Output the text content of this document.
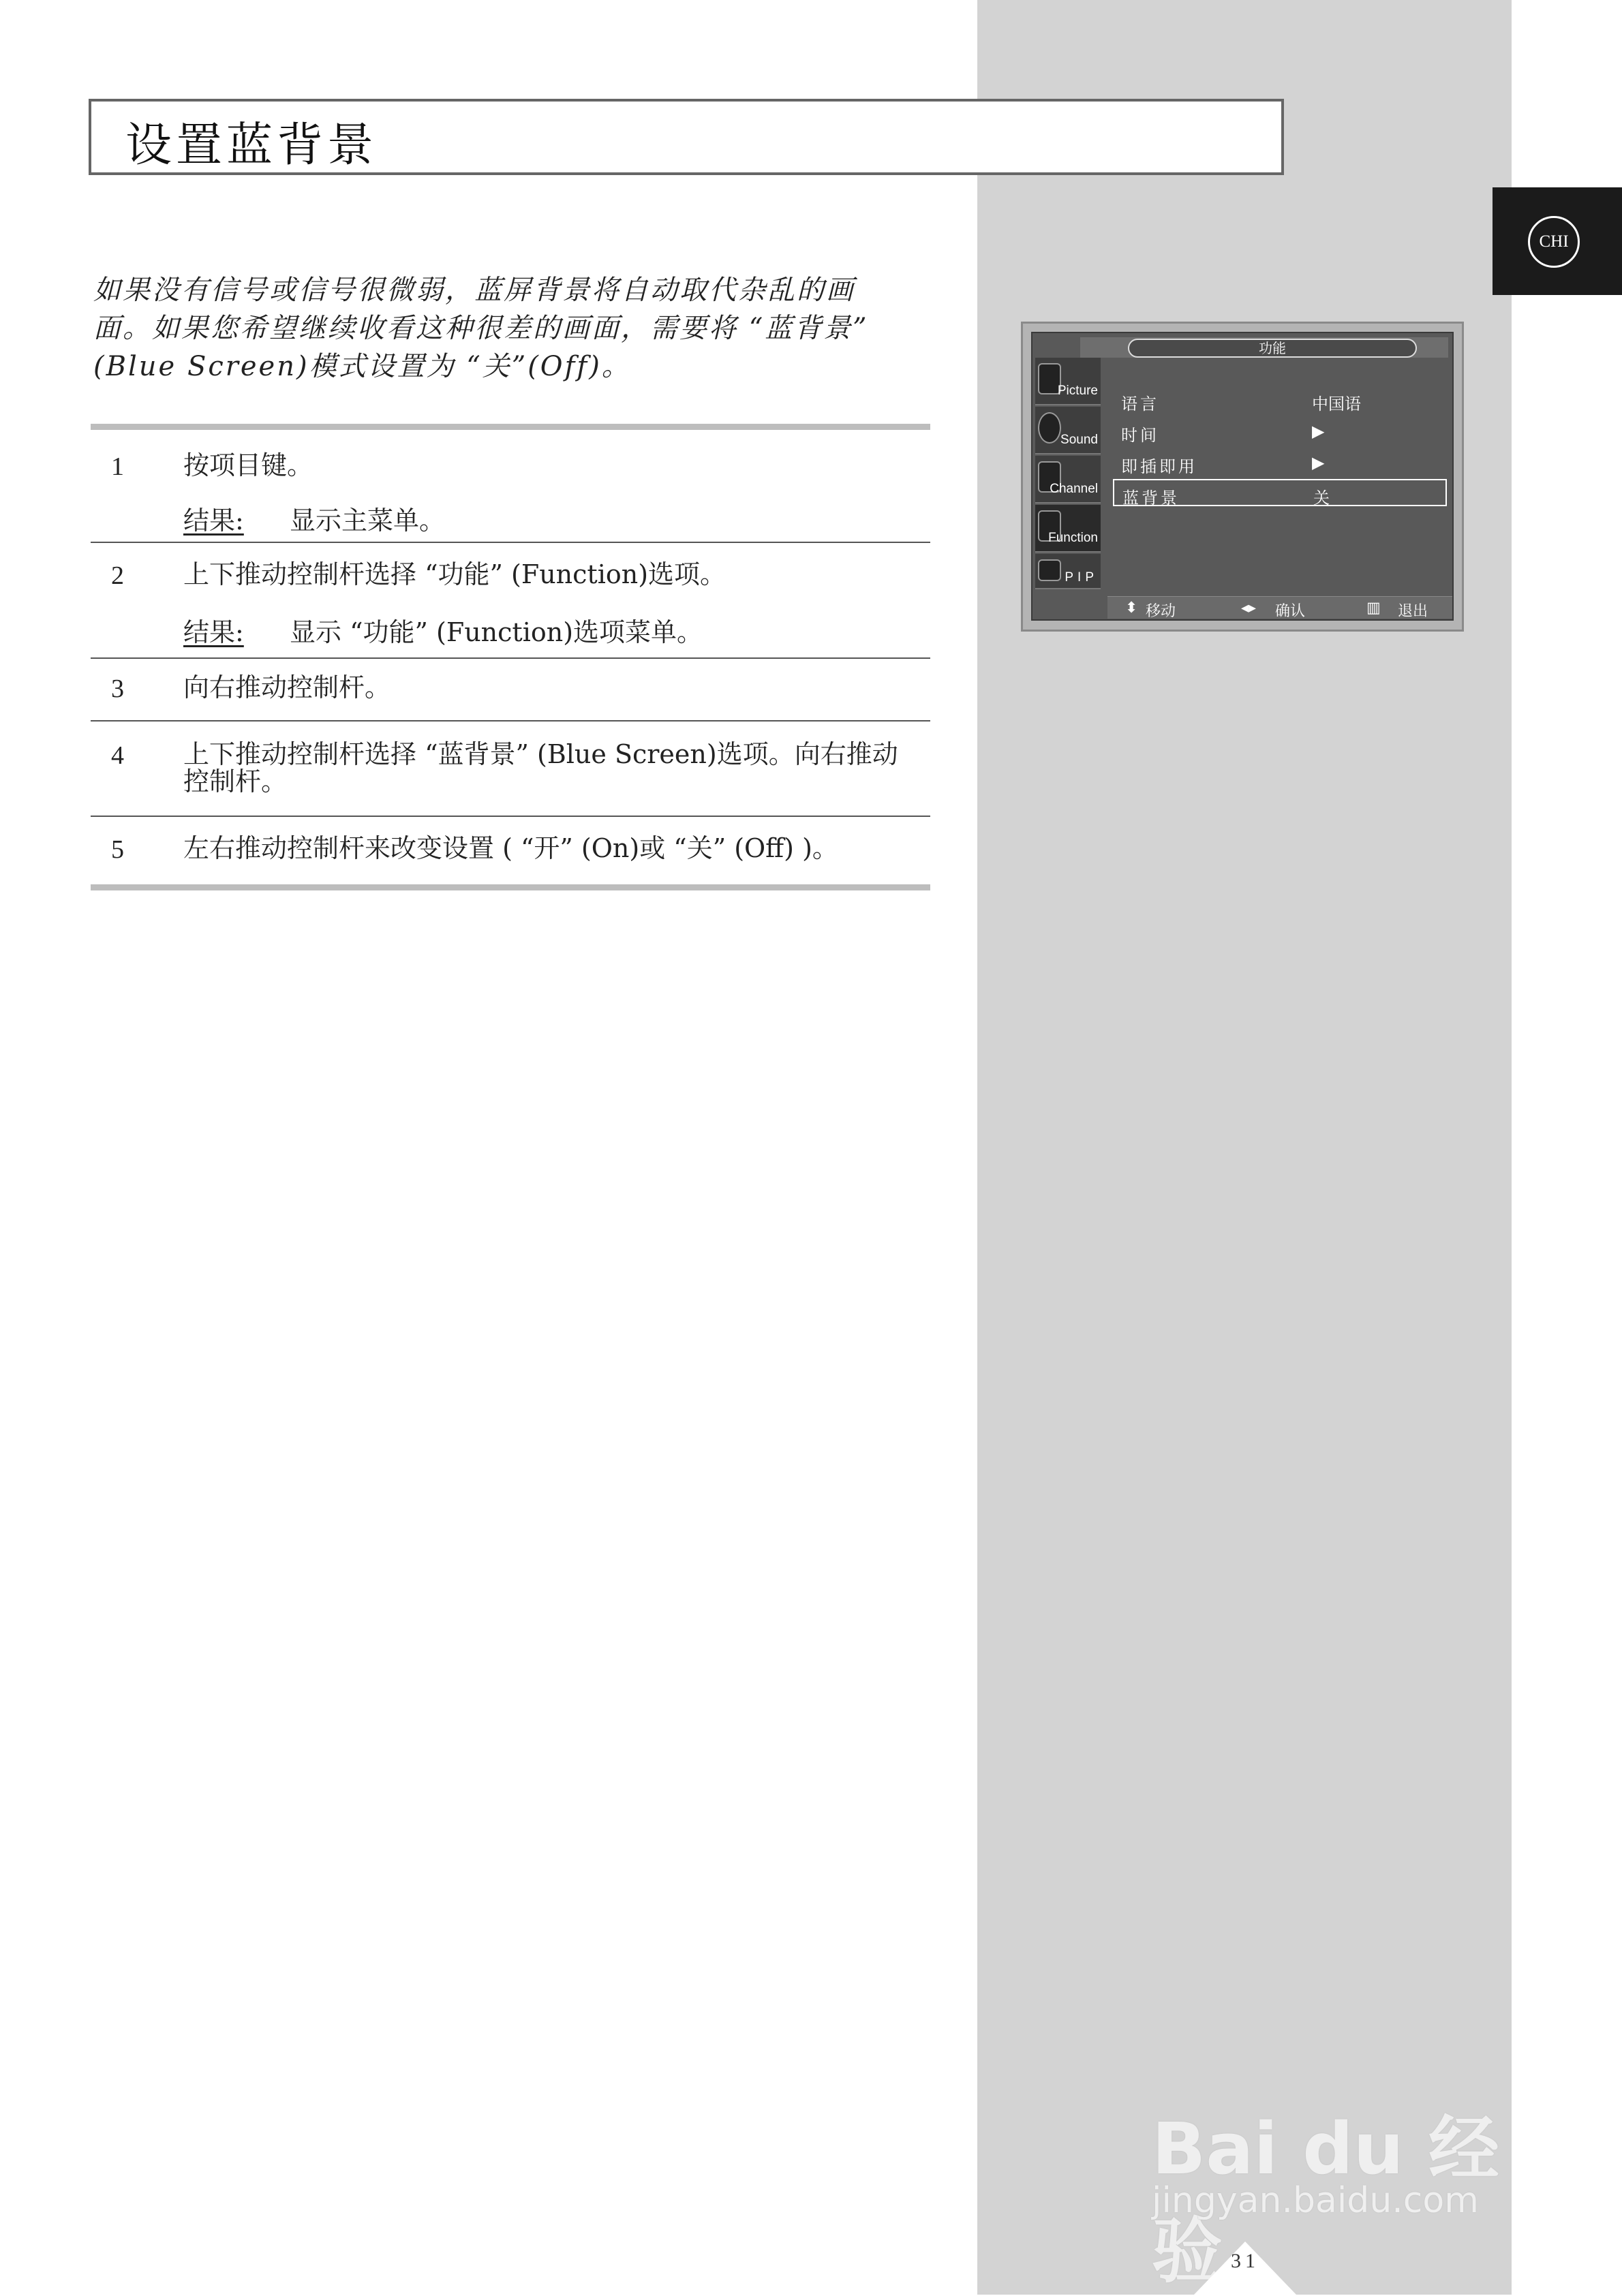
设置蓝背景
CHI

如果没有信号或信号很微弱，蓝屏背景将自动取代杂乱的画

面。如果您希望继续收看这种很差的画面，需要将 “蓝背景”

(Blue Screen)模式设置为 “关”(Off)。

1 按项目键。
结果: 显示主菜单。
2 上下推动控制杆选择 “功能” (Function)选项。
结果: 显示 “功能” (Function)选项菜单。
3 向右推动控制杆。
4 上下推动控制杆选择 “蓝背景” (Blue Screen)选项。向右推动控制杆。
5 左右推动控制杆来改变设置 ( “开” (On)或 “关” (Off) )。
功能
Picture
Sound
Channel
Function
PIP
语言	中国语
时间	▶
即插即用	▶
蓝背景	关
⬍ 移动	◂▸ 确认	▥ 退出
Bai du 经验
jingyan.baidu.com
31
